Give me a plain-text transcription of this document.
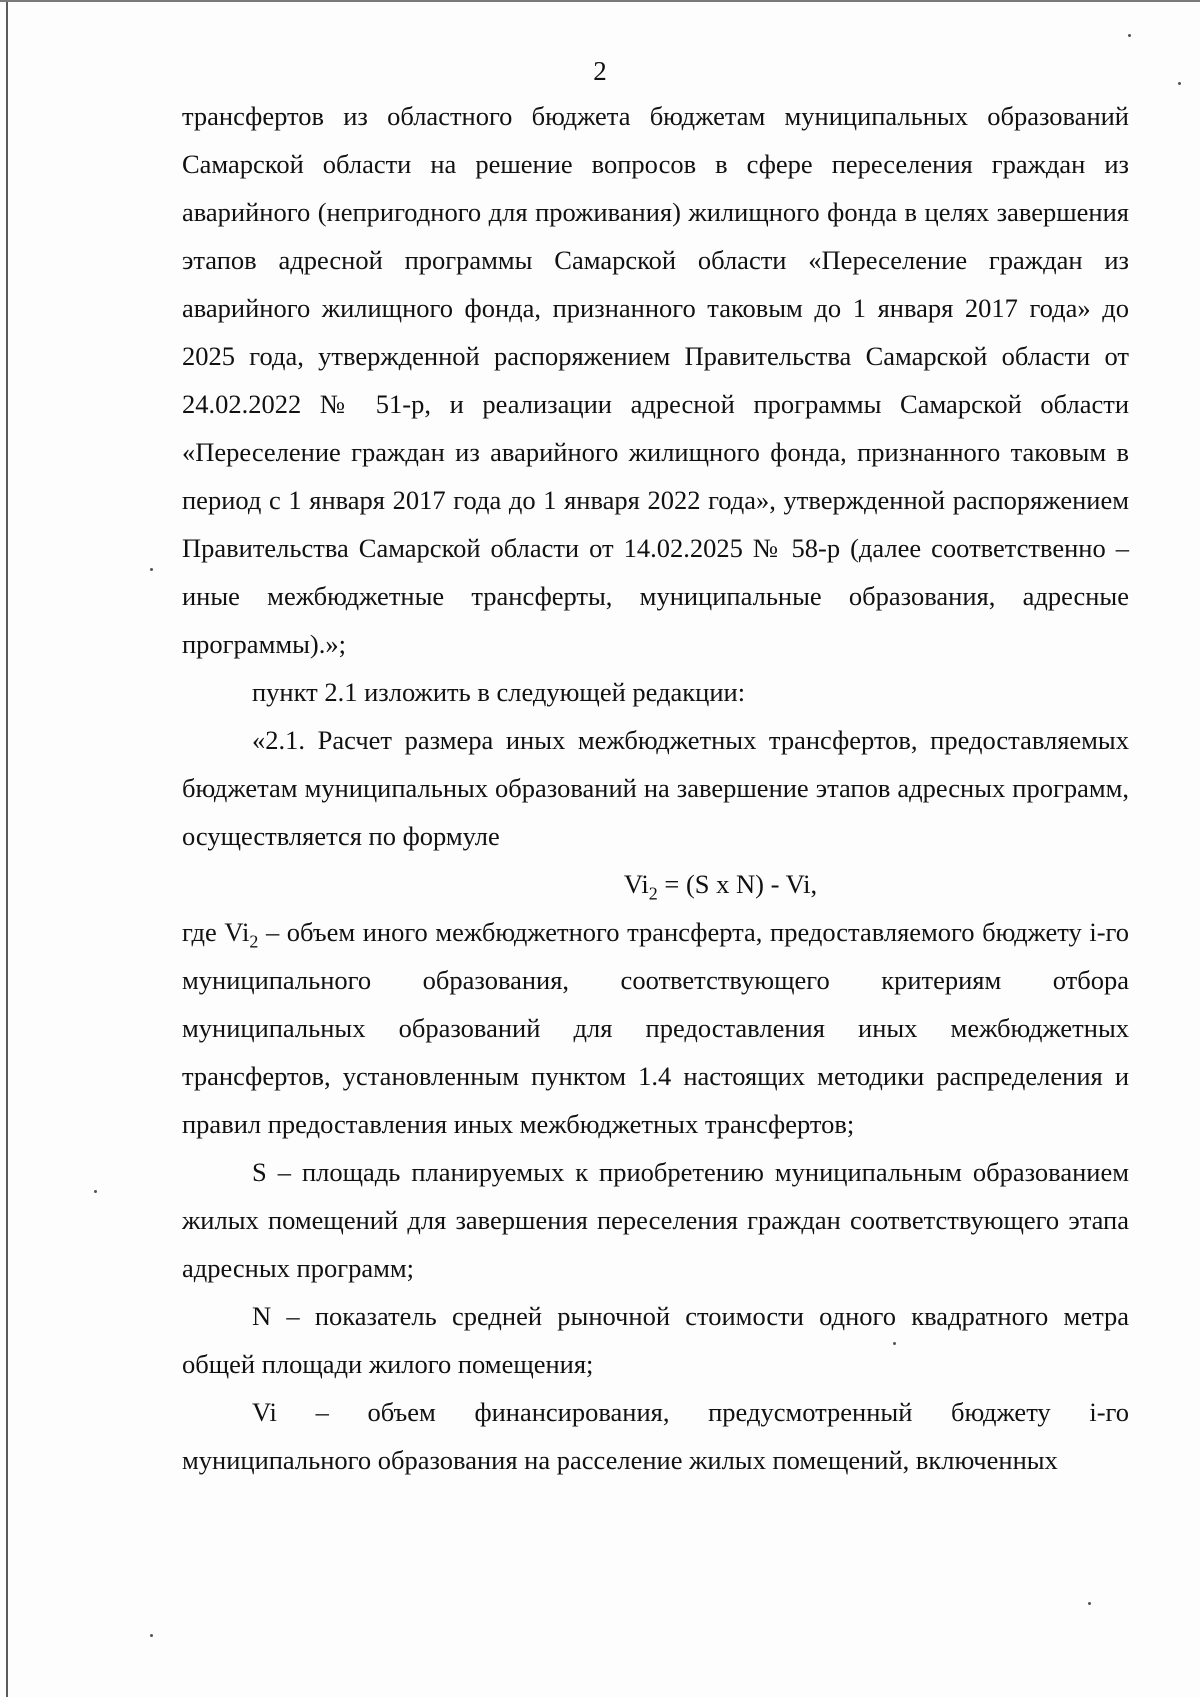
2

трансфертов из областного бюджета бюджетам муниципальных образований Самарской области на решение вопросов в сфере переселения граждан из аварийного (непригодного для проживания) жилищного фонда в целях завершения этапов адресной программы Самарской области «Переселение граждан из аварийного жилищного фонда, признанного таковым до 1 января 2017 года» до 2025 года, утвержденной распоряжением Правительства Самарской области от 24.02.2022 № 51-р, и реализации адресной программы Самарской области «Переселение граждан из аварийного жилищного фонда, признанного таковым в период с 1 января 2017 года до 1 января 2022 года», утвержденной распоряжением Правительства Самарской области от 14.02.2025 № 58-р (далее соответственно – иные межбюджетные трансферты, муниципальные образования, адресные программы).»;

пункт 2.1 изложить в следующей редакции:

«2.1. Расчет размера иных межбюджетных трансфертов, предоставляемых бюджетам муниципальных образований на завершение этапов адресных программ, осуществляется по формуле

$Vi_2 = (S$ x N) - Vi,

где $Vi_2$ – объем иного межбюджетного трансферта, предоставляемого бюджету i-го муниципального образования, соответствующего критериям отбора муниципальных образований для предоставления иных межбюджетных трансфертов, установленным пунктом 1.4 настоящих методики распределения и правил предоставления иных межбюджетных трансфертов;

S – площадь планируемых к приобретению муниципальным образованием жилых помещений для завершения переселения граждан соответствующего этапа адресных программ;

N – показатель средней рыночной стоимости одного квадратного метра общей площади жилого помещения;

Vi – объем финансирования, предусмотренный бюджету i-го муниципального образования на расселение жилых помещений, включенных
